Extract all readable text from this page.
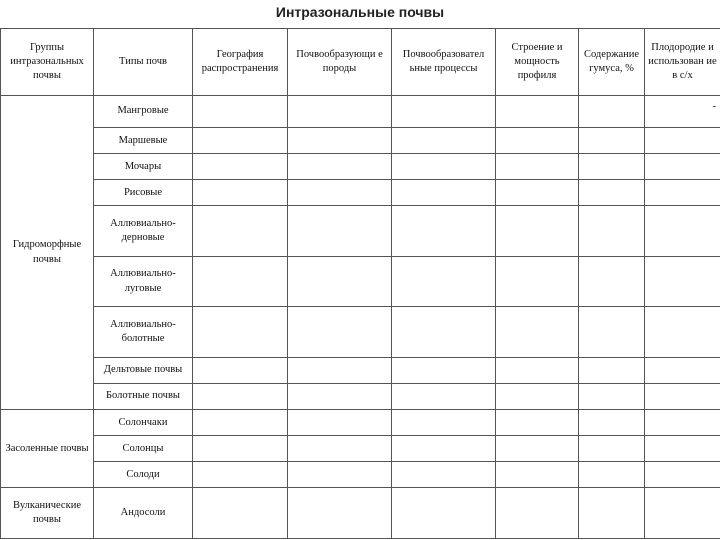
Интразональные почвы
Группы интразональных почвы	Типы почв	География распространения	Почвообразующи е породы	Почвообразовател ьные процессы	Строение и мощность профиля	Содержание гумуса, %	Плодородие и использован ие в с/х
Гидроморфные почвы	Мангровые						-

	Маршевые						
	Мочары						
	Рисовые						
	Аллювиально-дерновые						
	Аллювиально-луговые						
	Аллювиально-болотные						
	Дельтовые почвы						
	Болотные почвы						
Засоленные почвы	Солончаки						
	Солонцы						
	Солоди						
Вулканические почвы	Андосоли						
